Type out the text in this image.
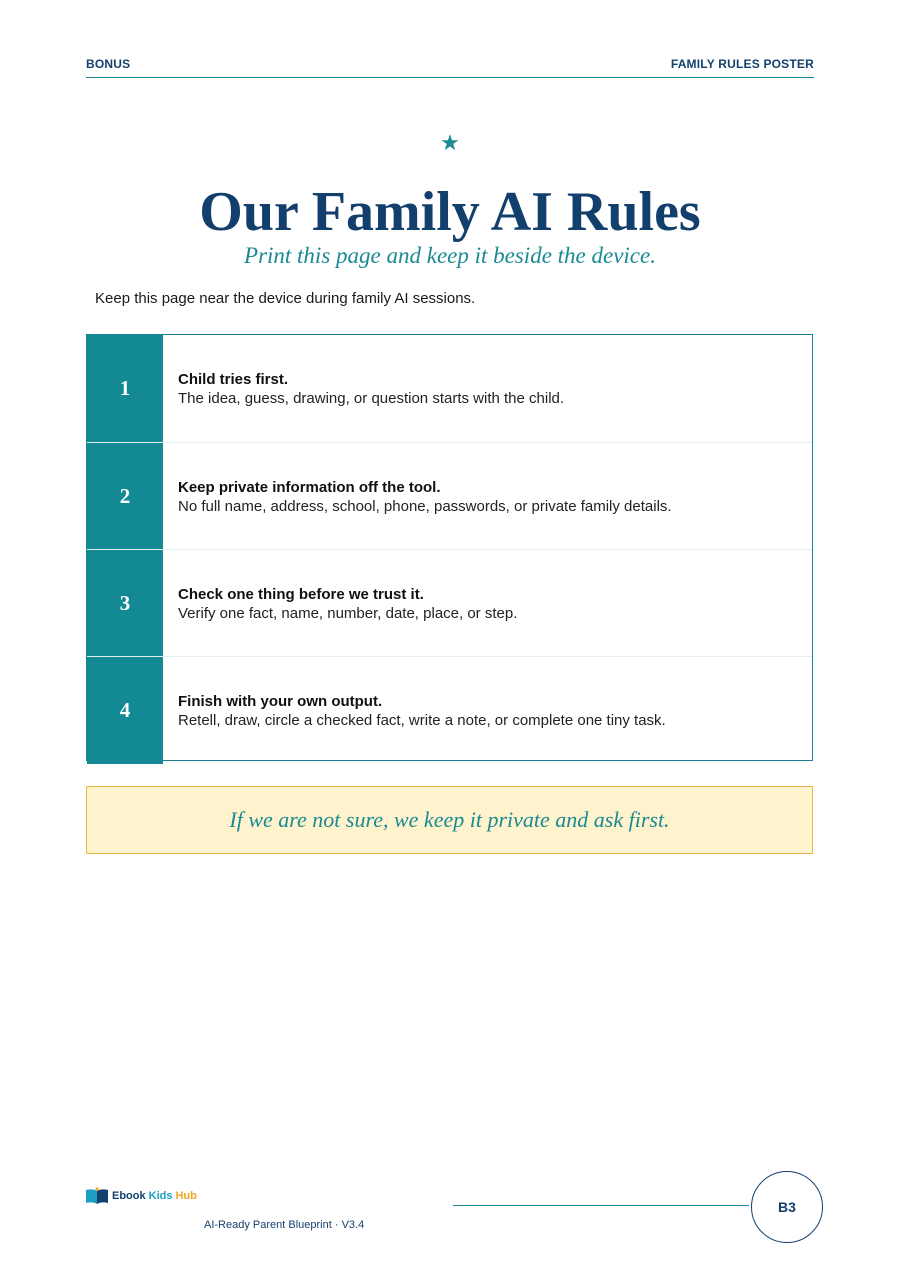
BONUS	FAMILY RULES POSTER
★
Our Family AI Rules
Print this page and keep it beside the device.
Keep this page near the device during family AI sessions.
1	Child tries first.
The idea, guess, drawing, or question starts with the child.
2	Keep private information off the tool.
No full name, address, school, phone, passwords, or private family details.
3	Check one thing before we trust it.
Verify one fact, name, number, date, place, or step.
4	Finish with your own output.
Retell, draw, circle a checked fact, write a note, or complete one tiny task.
If we are not sure, we keep it private and ask first.
Ebook Kids Hub
AI-Ready Parent Blueprint · V3.4
B3
